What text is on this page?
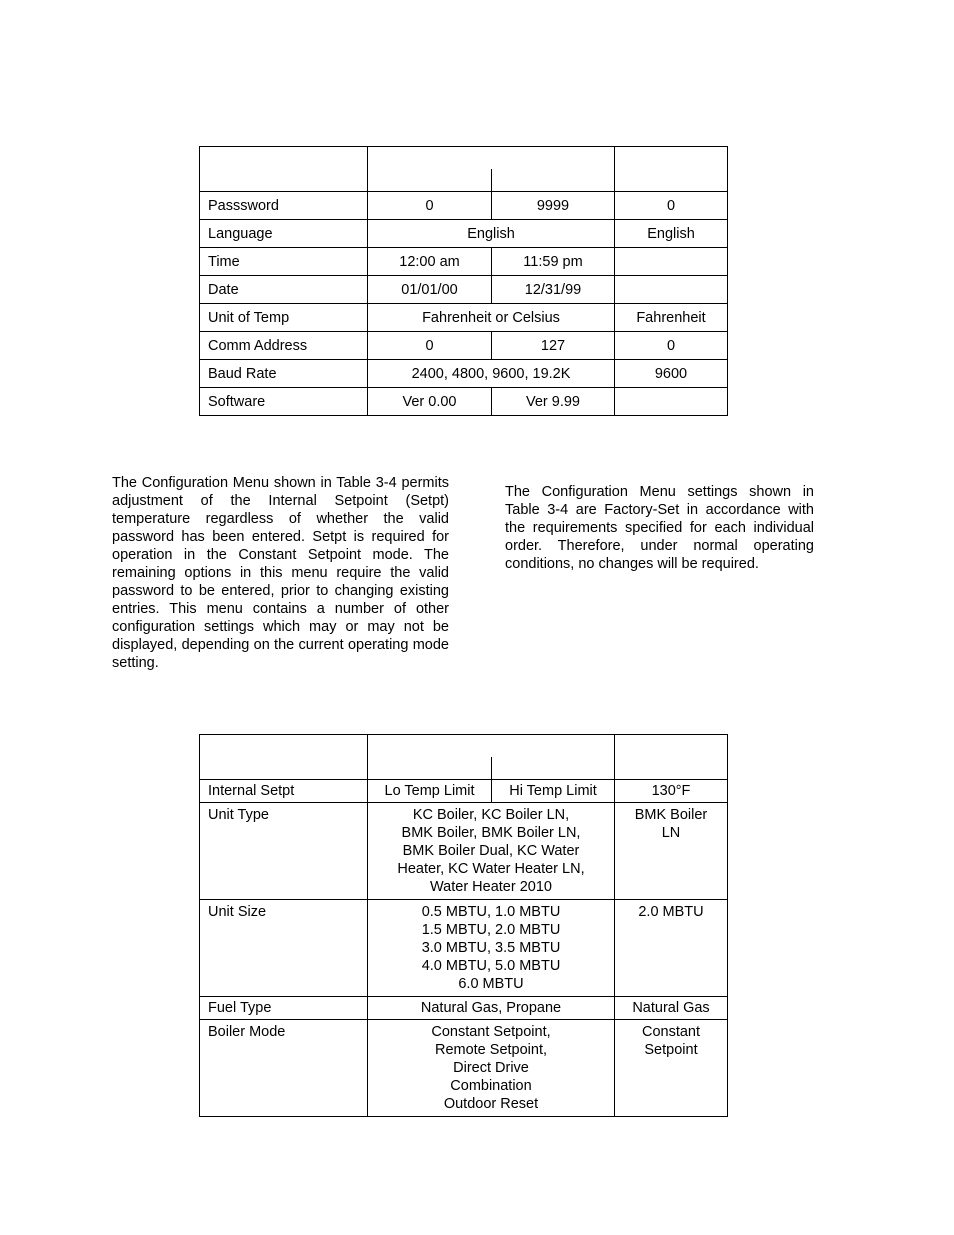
Passsword	0	9999	0
Language	English		English
Time	12:00 am	11:59 pm	
Date	01/01/00	12/31/99	
Unit of Temp	Fahrenheit or Celsius		Fahrenheit
Comm Address	0	127	0
Baud Rate	2400, 4800, 9600, 19.2K		9600
Software	Ver 0.00	Ver 9.99	

The Configuration Menu shown in Table 3-4 permits adjustment of the Internal Setpoint (Setpt) temperature regardless of whether the valid password has been entered. Setpt is required for operation in the Constant Setpoint mode. The remaining options in this menu require the valid password to be entered, prior to changing existing entries. This menu contains a number of other configuration settings which may or may not be displayed, depending on the current operating mode setting.

The Configuration Menu settings shown in Table 3-4 are Factory-Set in accordance with the requirements specified for each individual order. Therefore, under normal operating conditions, no changes will be required.

Internal Setpt	Lo Temp Limit	Hi Temp Limit	130°F

Unit Type	KC Boiler, KC Boiler LN,
BMK Boiler, BMK Boiler LN,
BMK Boiler Dual, KC Water
Heater, KC Water Heater LN,
Water Heater 2010		BMK Boiler
LN

Unit Size	0.5 MBTU, 1.0 MBTU
1.5 MBTU, 2.0 MBTU
3.0 MBTU, 3.5 MBTU
4.0 MBTU, 5.0 MBTU
6.0 MBTU		2.0 MBTU

Fuel Type	Natural Gas, Propane		Natural Gas

Boiler Mode	Constant Setpoint,
Remote Setpoint,
Direct Drive
Combination
Outdoor Reset		Constant
Setpoint
